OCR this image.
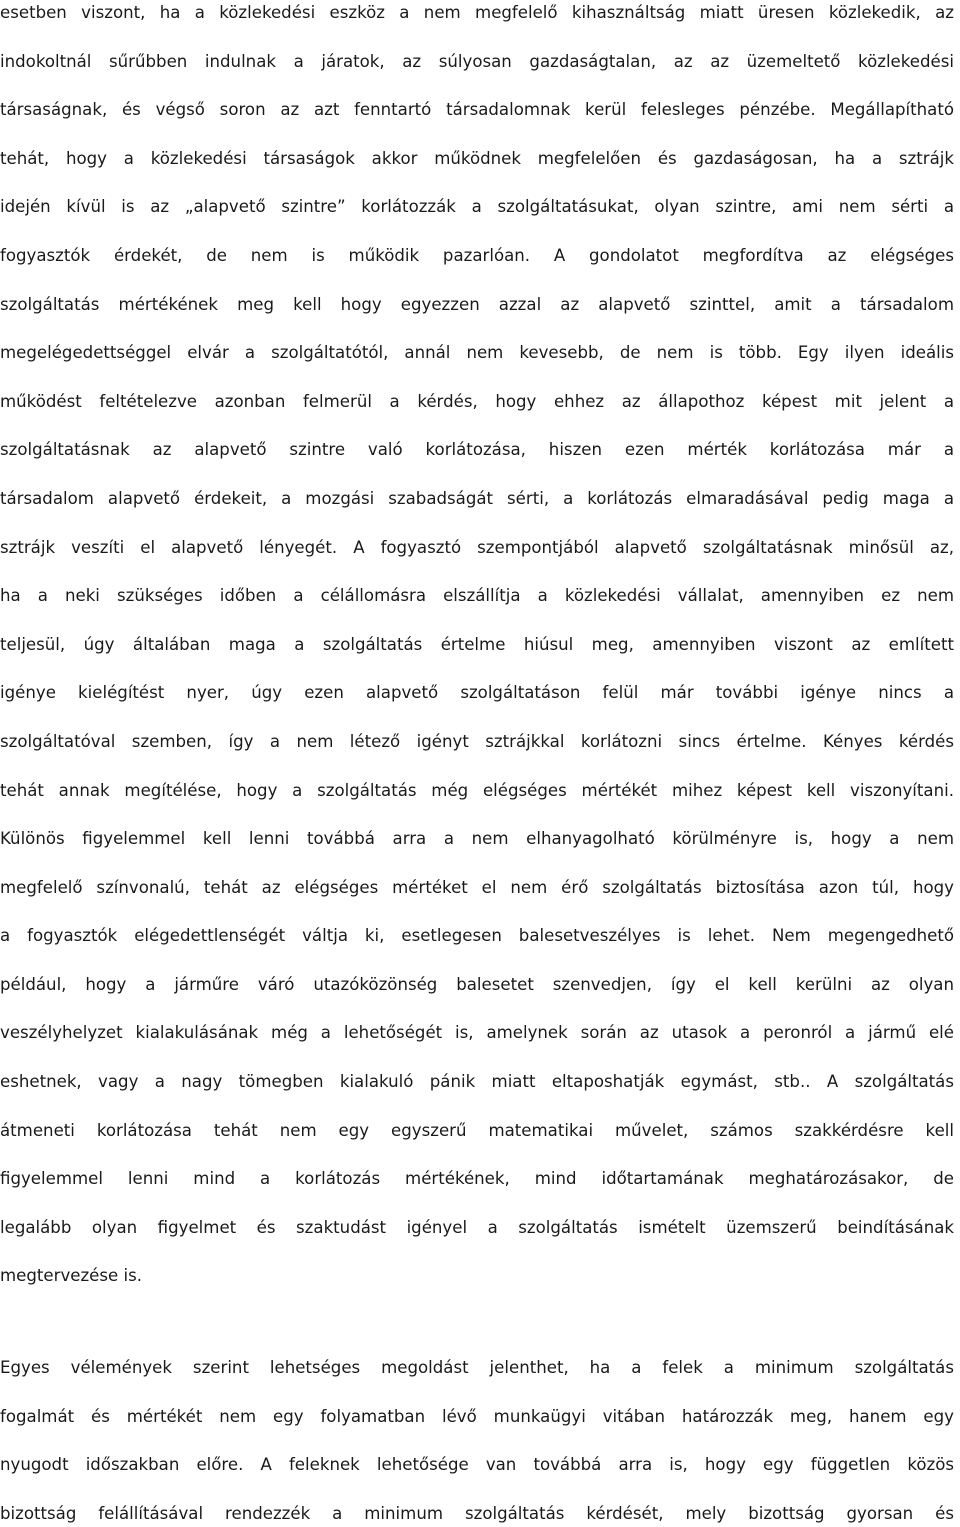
esetben viszont, ha a közlekedési eszköz a nem megfelelő kihasználtság miatt üresen közlekedik, az
indokoltnál sűrűbben indulnak a járatok, az súlyosan gazdaságtalan, az az üzemeltető közlekedési
társaságnak, és végső soron az azt fenntartó társadalomnak kerül felesleges pénzébe. Megállapítható
tehát, hogy a közlekedési társaságok akkor működnek megfelelően és gazdaságosan, ha a sztrájk
idején kívül is az „alapvető szintre” korlátozzák a szolgáltatásukat, olyan szintre, ami nem sérti a
fogyasztók érdekét, de nem is működik pazarlóan. A gondolatot megfordítva az elégséges
szolgáltatás mértékének meg kell hogy egyezzen azzal az alapvető szinttel, amit a társadalom
megelégedettséggel elvár a szolgáltatótól, annál nem kevesebb, de nem is több. Egy ilyen ideális
működést feltételezve azonban felmerül a kérdés, hogy ehhez az állapothoz képest mit jelent a
szolgáltatásnak az alapvető szintre való korlátozása, hiszen ezen mérték korlátozása már a
társadalom alapvető érdekeit, a mozgási szabadságát sérti, a korlátozás elmaradásával pedig maga a
sztrájk veszíti el alapvető lényegét. A fogyasztó szempontjából alapvető szolgáltatásnak minősül az,
ha a neki szükséges időben a célállomásra elszállítja a közlekedési vállalat, amennyiben ez nem
teljesül, úgy általában maga a szolgáltatás értelme hiúsul meg, amennyiben viszont az említett
igénye kielégítést nyer, úgy ezen alapvető szolgáltatáson felül már további igénye nincs a
szolgáltatóval szemben, így a nem létező igényt sztrájkkal korlátozni sincs értelme. Kényes kérdés
tehát annak megítélése, hogy a szolgáltatás még elégséges mértékét mihez képest kell viszonyítani.
Különös figyelemmel kell lenni továbbá arra a nem elhanyagolható körülményre is, hogy a nem
megfelelő színvonalú, tehát az elégséges mértéket el nem érő szolgáltatás biztosítása azon túl, hogy
a fogyasztók elégedettlenségét váltja ki, esetlegesen balesetveszélyes is lehet. Nem megengedhető
például, hogy a járműre váró utazóközönség balesetet szenvedjen, így el kell kerülni az olyan
veszélyhelyzet kialakulásának még a lehetőségét is, amelynek során az utasok a peronról a jármű elé
eshetnek, vagy a nagy tömegben kialakuló pánik miatt eltaposhatják egymást, stb.. A szolgáltatás
átmeneti korlátozása tehát nem egy egyszerű matematikai művelet, számos szakkérdésre kell
figyelemmel lenni mind a korlátozás mértékének, mind időtartamának meghatározásakor, de
legalább olyan figyelmet és szaktudást igényel a szolgáltatás ismételt üzemszerű beindításának
megtervezése is.
Egyes vélemények szerint lehetséges megoldást jelenthet, ha a felek a minimum szolgáltatás
fogalmát és mértékét nem egy folyamatban lévő munkaügyi vitában határozzák meg, hanem egy
nyugodt időszakban előre. A feleknek lehetősége van továbbá arra is, hogy egy független közös
bizottság felállításával rendezzék a minimum szolgáltatás kérdését, mely bizottság gyorsan és
